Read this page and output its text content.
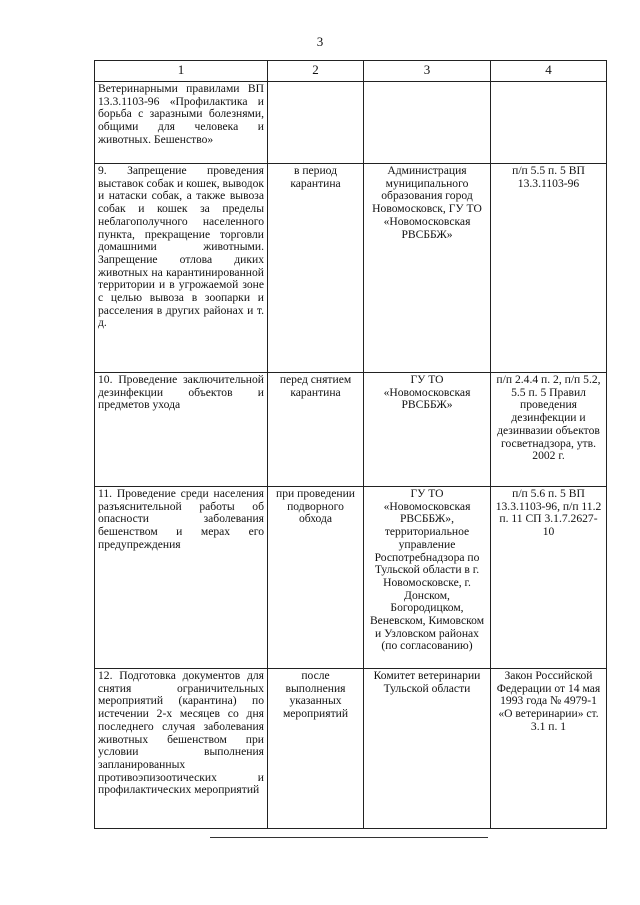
3
1	2	3	4
Ветеринарными правилами ВП 13.3.1103-96 «Профилактика и борьба с заразными болезнями, общими для человека и животных. Бешенство»			
9. Запрещение проведения выставок собак и кошек, выводок и натаски собак, а также вывоза собак и кошек за пределы неблагополучного населенного пункта, прекращение торговли домашними животными. Запрещение отлова диких животных на карантинированной территории и в угрожаемой зоне с целью вывоза в зоопарки и расселения в других районах и т. д.	в период карантина	Администрация муниципального образования город Новомосковск, ГУ ТО «Новомосковская РВСББЖ»	п/п 5.5 п. 5 ВП 13.3.1103-96
10. Проведение заключительной дезинфекции объектов и предметов ухода	перед снятием карантина	ГУ ТО «Новомосковская РВСББЖ»	п/п 2.4.4 п. 2, п/п 5.2, 5.5 п. 5 Правил проведения дезинфекции и дезинвазии объектов госветнадзора, утв. 2002 г.
11. Проведение среди населения разъяснительной работы об опасности заболевания бешенством и мерах его предупреждения	при проведении подворного обхода	ГУ ТО «Новомосковская РВСББЖ», территориальное управление Роспотребнадзора по Тульской области в г. Новомосковске, г. Донском, Богородицком, Веневском, Кимовском и Узловском районах (по согласованию)	п/п 5.6 п. 5 ВП 13.3.1103-96, п/п 11.2 п. 11 СП 3.1.7.2627-10
12. Подготовка документов для снятия ограничительных мероприятий (карантина) по истечении 2-х месяцев со дня последнего случая заболевания животных бешенством при условии выполнения запланированных противоэпизоотических и профилактических мероприятий	после выполнения указанных мероприятий	Комитет ветеринарии Тульской области	Закон Российской Федерации от 14 мая 1993 года № 4979-1 «О ветеринарии» ст. 3.1 п. 1
